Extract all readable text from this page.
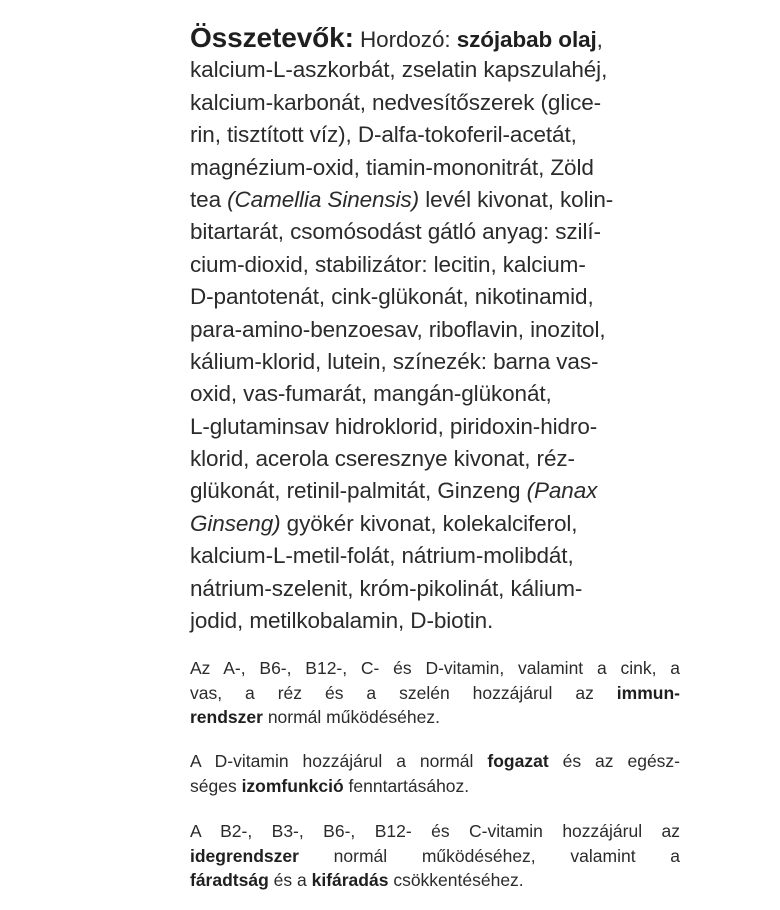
Összetevők: Hordozó: szójabab olaj,
kalcium-L-aszkorbát, zselatin kapszulahéj,
kalcium-karbonát, nedvesítőszerek (glice-
rin, tisztított víz), D-alfa-tokoferil-acetát,
magnézium-oxid, tiamin-mononitrát, Zöld
tea (Camellia Sinensis) levél kivonat, kolin-
bitartarát, csomósodást gátló anyag: szilí-
cium-dioxid, stabilizátor: lecitin, kalcium-
D-pantotenát, cink-glükonát, nikotinamid,
para-amino-benzoesav, riboflavin, inozitol,
kálium-klorid, lutein, színezék: barna vas-
oxid, vas-fumarát, mangán-glükonát,
L-glutaminsav hidroklorid, piridoxin-hidro-
klorid, acerola cseresznye kivonat, réz-
glükonát, retinil-palmitát, Ginzeng (Panax
Ginseng) gyökér kivonat, kolekalciferol,
kalcium-L-metil-folát, nátrium-molibdát,
nátrium-szelenit, króm-pikolinát, kálium-
jodid, metilkobalamin, D-biotin.
Az A-, B6-, B12-, C- és D-vitamin, valamint a cink, a
vas, a réz és a szelén hozzájárul az immun-
rendszer normál működéséhez.
A D-vitamin hozzájárul a normál fogazat és az egész-
séges izomfunkció fenntartásához.
A B2-, B3-, B6-, B12- és C-vitamin hozzájárul az
idegrendszer normál működéséhez, valamint a
fáradtság és a kifáradás csökkentéséhez.
